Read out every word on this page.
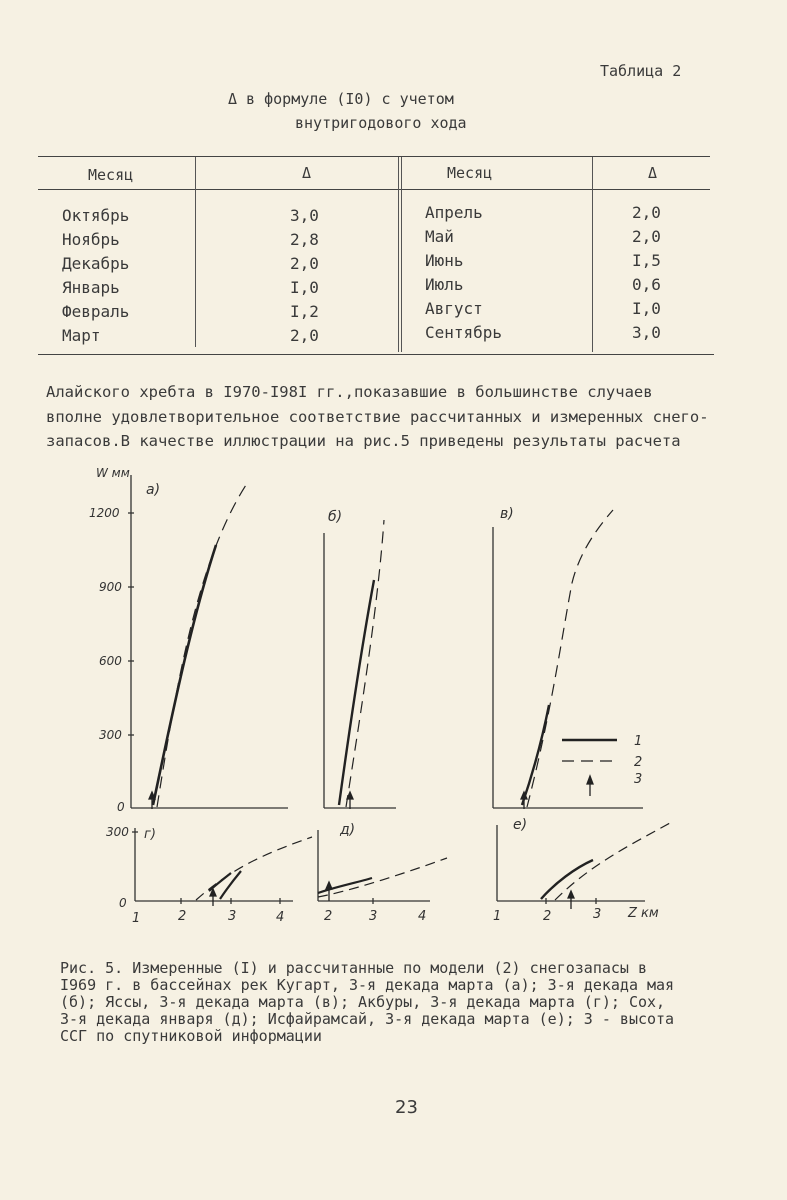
Таблица 2
Δ в формуле (I0) с учетом
внутригодового хода
Месяц	Δ	Месяц	Δ
Октябрь	3,0	Апрель	2,0
Ноябрь	2,8	Май	2,0
Декабрь	2,0	Июнь	I,5
Январь	I,0	Июль	0,6
Февраль	I,2	Август	I,0
Март	2,0	Сентябрь	3,0
Алайского хребта в I970-I98I гг.,показавшие в большинстве случаев
вполне удовлетворительное соответствие рассчитанных и измеренных снего-
запасов.В качестве иллюстрации на рис.5 приведены результаты расчета
W мм
1200
900
600
300
0
300
0
а)
б)	в)
г)	д)	е)
1	2	3	4	2	3	4	1	2	3 Z км
1
2
3
Рис. 5. Измеренные (I) и рассчитанные по модели (2) снегозапасы в
I969 г. в бассейнах рек Кугарт, 3-я декада марта (а); 3-я декада мая
(б); Яссы, 3-я декада марта (в); Акбуры, 3-я декада марта (г); Сох,
3-я декада января (д); Исфайрамсай, 3-я декада марта (е); 3 - высота
ССГ по спутниковой информации
23
